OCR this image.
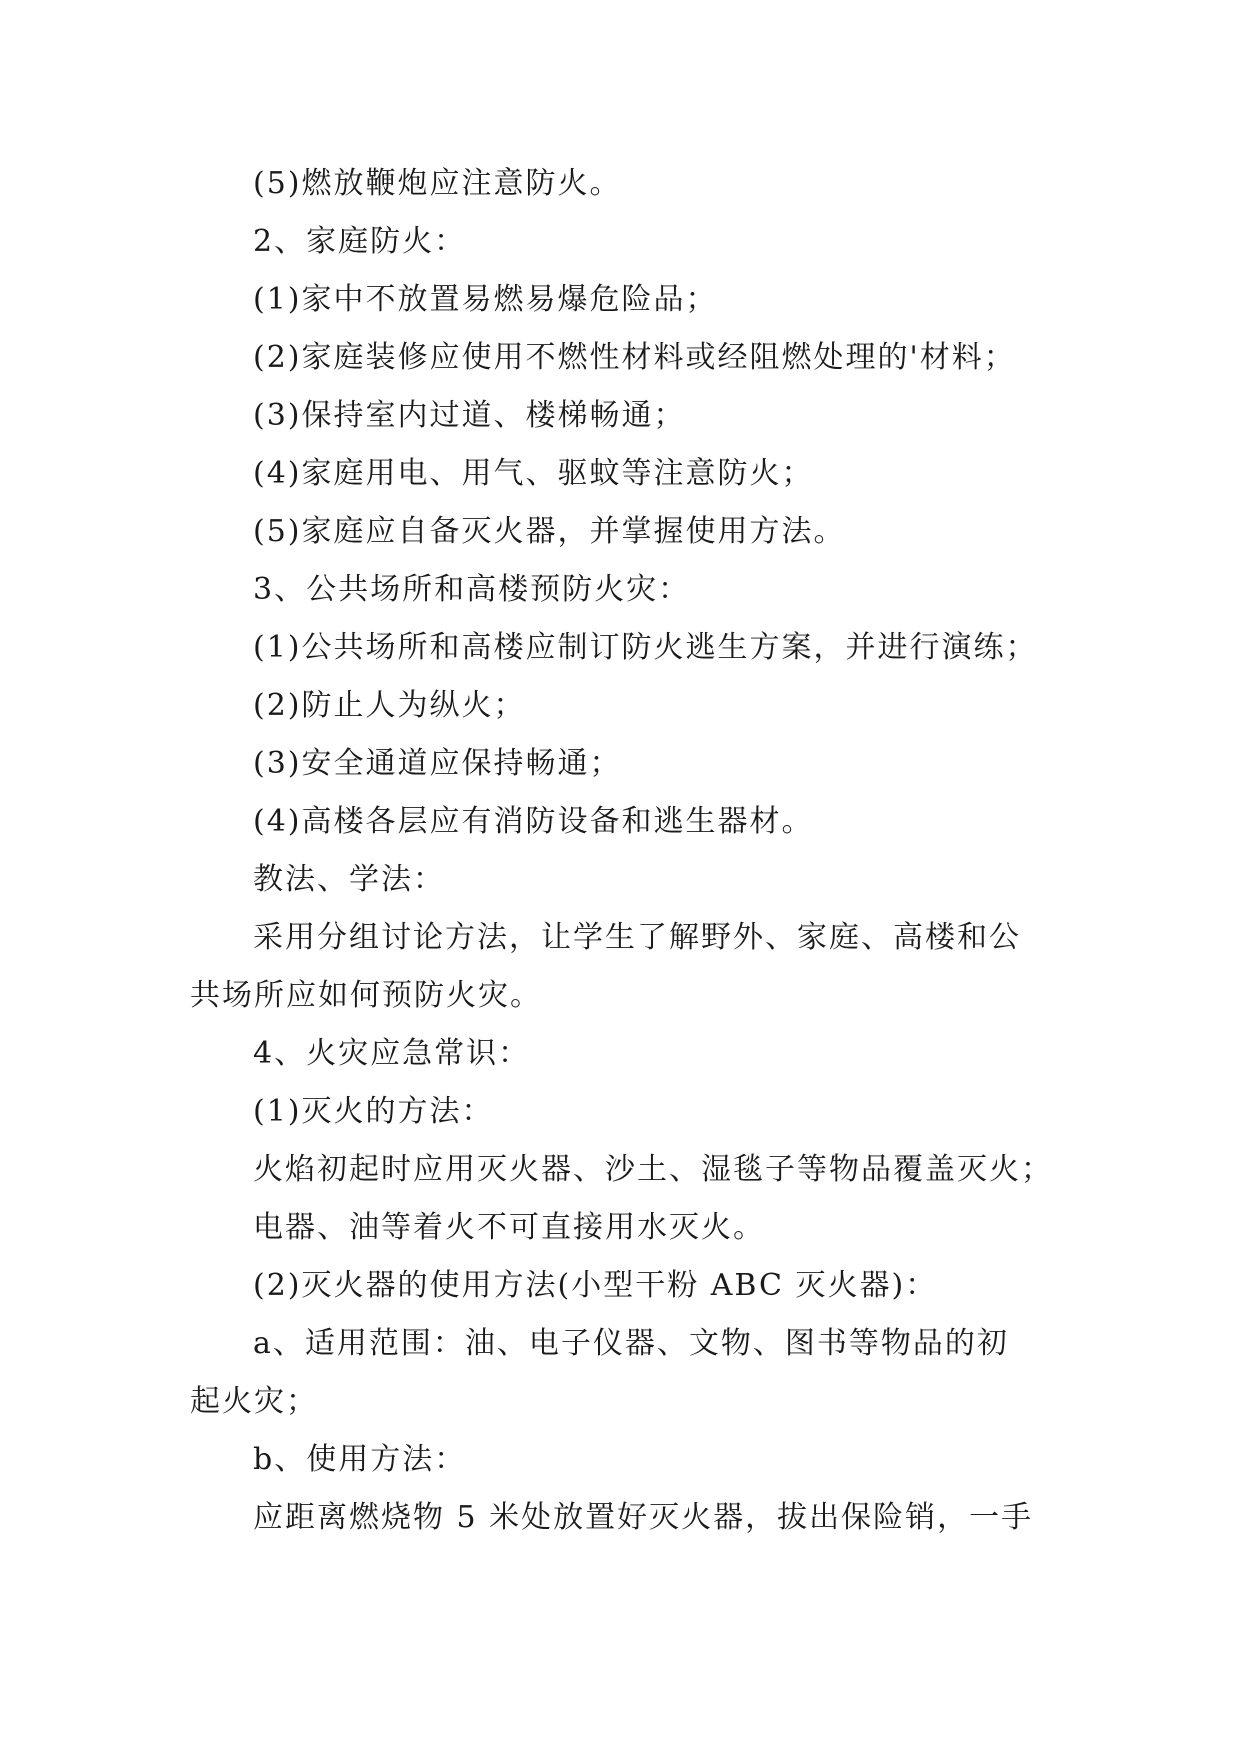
(5)燃放鞭炮应注意防火。
2、家庭防火：
(1)家中不放置易燃易爆危险品；
(2)家庭装修应使用不燃性材料或经阻燃处理的'材料；
(3)保持室内过道、楼梯畅通；
(4)家庭用电、用气、驱蚊等注意防火；
(5)家庭应自备灭火器，并掌握使用方法。
3、公共场所和高楼预防火灾：
(1)公共场所和高楼应制订防火逃生方案，并进行演练；
(2)防止人为纵火；
(3)安全通道应保持畅通；
(4)高楼各层应有消防设备和逃生器材。
教法、学法：
采用分组讨论方法，让学生了解野外、家庭、高楼和公
共场所应如何预防火灾。
4、火灾应急常识：
(1)灭火的方法：
火焰初起时应用灭火器、沙土、湿毯子等物品覆盖灭火；
电器、油等着火不可直接用水灭火。
(2)灭火器的使用方法(小型干粉 ABC 灭火器)：
a、适用范围：油、电子仪器、文物、图书等物品的初
起火灾；
b、使用方法：
应距离燃烧物 5 米处放置好灭火器，拔出保险销，一手
